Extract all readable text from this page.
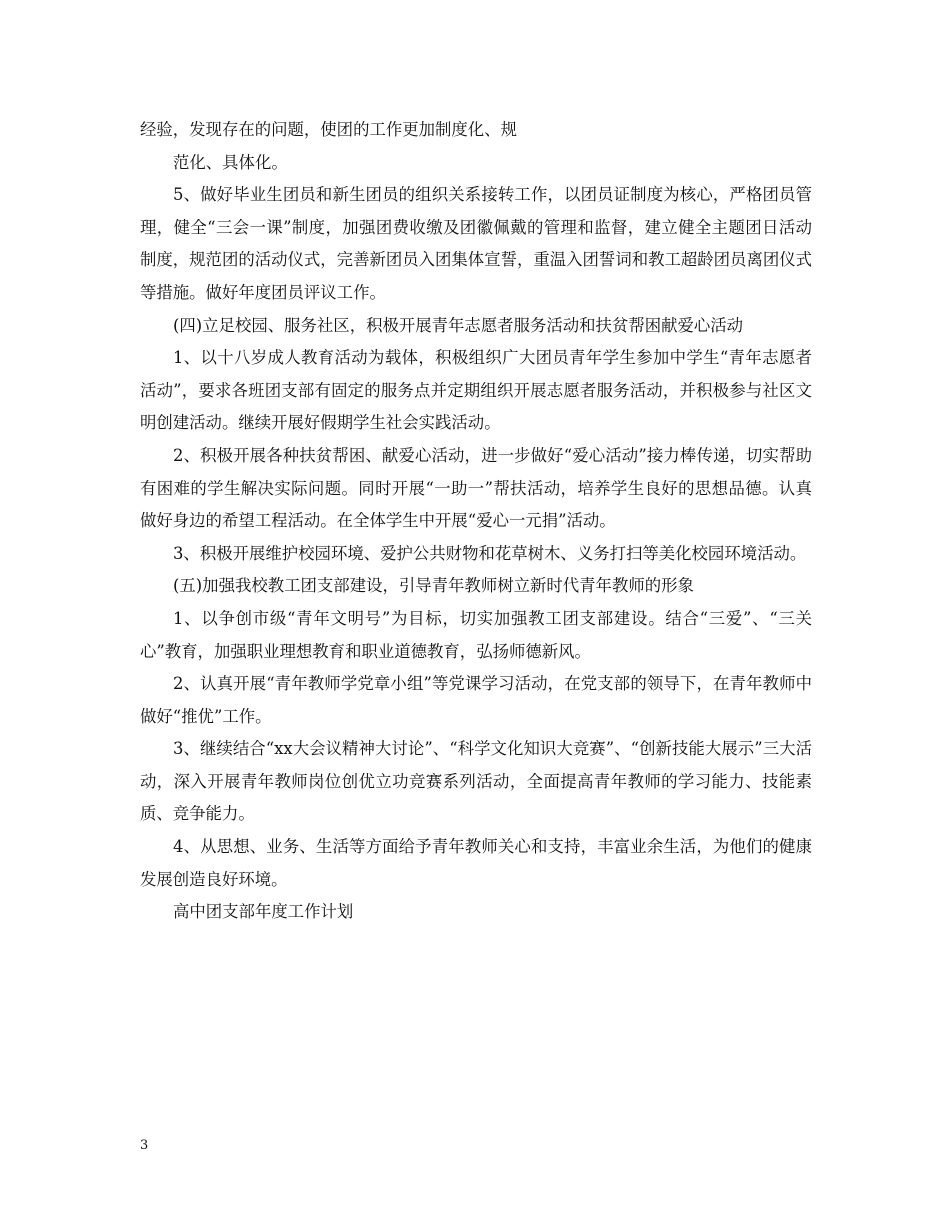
经验，发现存在的问题，使团的工作更加制度化、规

范化、具体化。

5、做好毕业生团员和新生团员的组织关系接转工作，以团员证制度为核心，严格团员管理，健全“三会一课”制度，加强团费收缴及团徽佩戴的管理和监督，建立健全主题团日活动制度，规范团的活动仪式，完善新团员入团集体宣誓，重温入团誓词和教工超龄团员离团仪式等措施。做好年度团员评议工作。

(四)立足校园、服务社区，积极开展青年志愿者服务活动和扶贫帮困献爱心活动

1、以十八岁成人教育活动为载体，积极组织广大团员青年学生参加中学生“青年志愿者活动”，要求各班团支部有固定的服务点并定期组织开展志愿者服务活动，并积极参与社区文明创建活动。继续开展好假期学生社会实践活动。

2、积极开展各种扶贫帮困、献爱心活动，进一步做好“爱心活动”接力棒传递，切实帮助有困难的学生解决实际问题。同时开展“一助一”帮扶活动，培养学生良好的思想品德。认真做好身边的希望工程活动。在全体学生中开展“爱心一元捐”活动。

3、积极开展维护校园环境、爱护公共财物和花草树木、义务打扫等美化校园环境活动。

(五)加强我校教工团支部建设，引导青年教师树立新时代青年教师的形象

1、以争创市级“青年文明号”为目标，切实加强教工团支部建设。结合“三爱”、“三关心”教育，加强职业理想教育和职业道德教育，弘扬师德新风。

2、认真开展“青年教师学党章小组”等党课学习活动，在党支部的领导下，在青年教师中做好“推优”工作。

3、继续结合“xx大会议精神大讨论”、“科学文化知识大竞赛”、“创新技能大展示”三大活动，深入开展青年教师岗位创优立功竞赛系列活动，全面提高青年教师的学习能力、技能素质、竞争能力。

4、从思想、业务、生活等方面给予青年教师关心和支持，丰富业余生活，为他们的健康发展创造良好环境。

高中团支部年度工作计划

3
